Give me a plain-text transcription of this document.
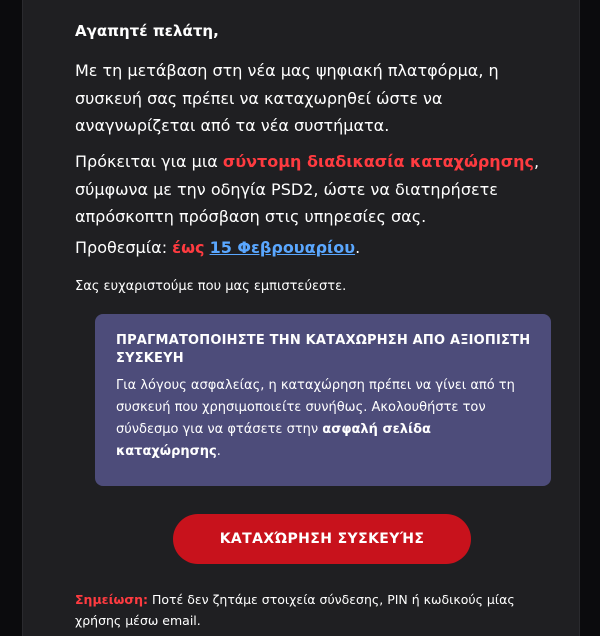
Αγαπητέ πελάτη,

Με τη μετάβαση στη νέα μας ψηφιακή πλατφόρμα, η συσκευή σας πρέπει να καταχωρηθεί ώστε να αναγνωρίζεται από τα νέα συστήματα.

Πρόκειται για μια σύντομη διαδικασία καταχώρησης, σύμφωνα με την οδηγία PSD2, ώστε να διατηρήσετε απρόσκοπτη πρόσβαση στις υπηρεσίες σας.

Προθεσμία: έως 15 Φεβρουαρίου.

Σας ευχαριστούμε που μας εμπιστεύεστε.

ΠΡΑΓΜΑΤΟΠΟΙΗΣΤΕ ΤΗΝ ΚΑΤΑΧΩΡΗΣΗ ΑΠΟ ΑΞΙΟΠΙΣΤΗ ΣΥΣΚΕΥΗ

Για λόγους ασφαλείας, η καταχώρηση πρέπει να γίνει από τη συσκευή που χρησιμοποιείτε συνήθως. Ακολουθήστε τον σύνδεσμο για να φτάσετε στην ασφαλή σελίδα καταχώρησης.

ΚΑΤΑΧΏΡΗΣΗ ΣΥΣΚΕΥΉΣ

Σημείωση: Ποτέ δεν ζητάμε στοιχεία σύνδεσης, PIN ή κωδικούς μίας χρήσης μέσω email.
